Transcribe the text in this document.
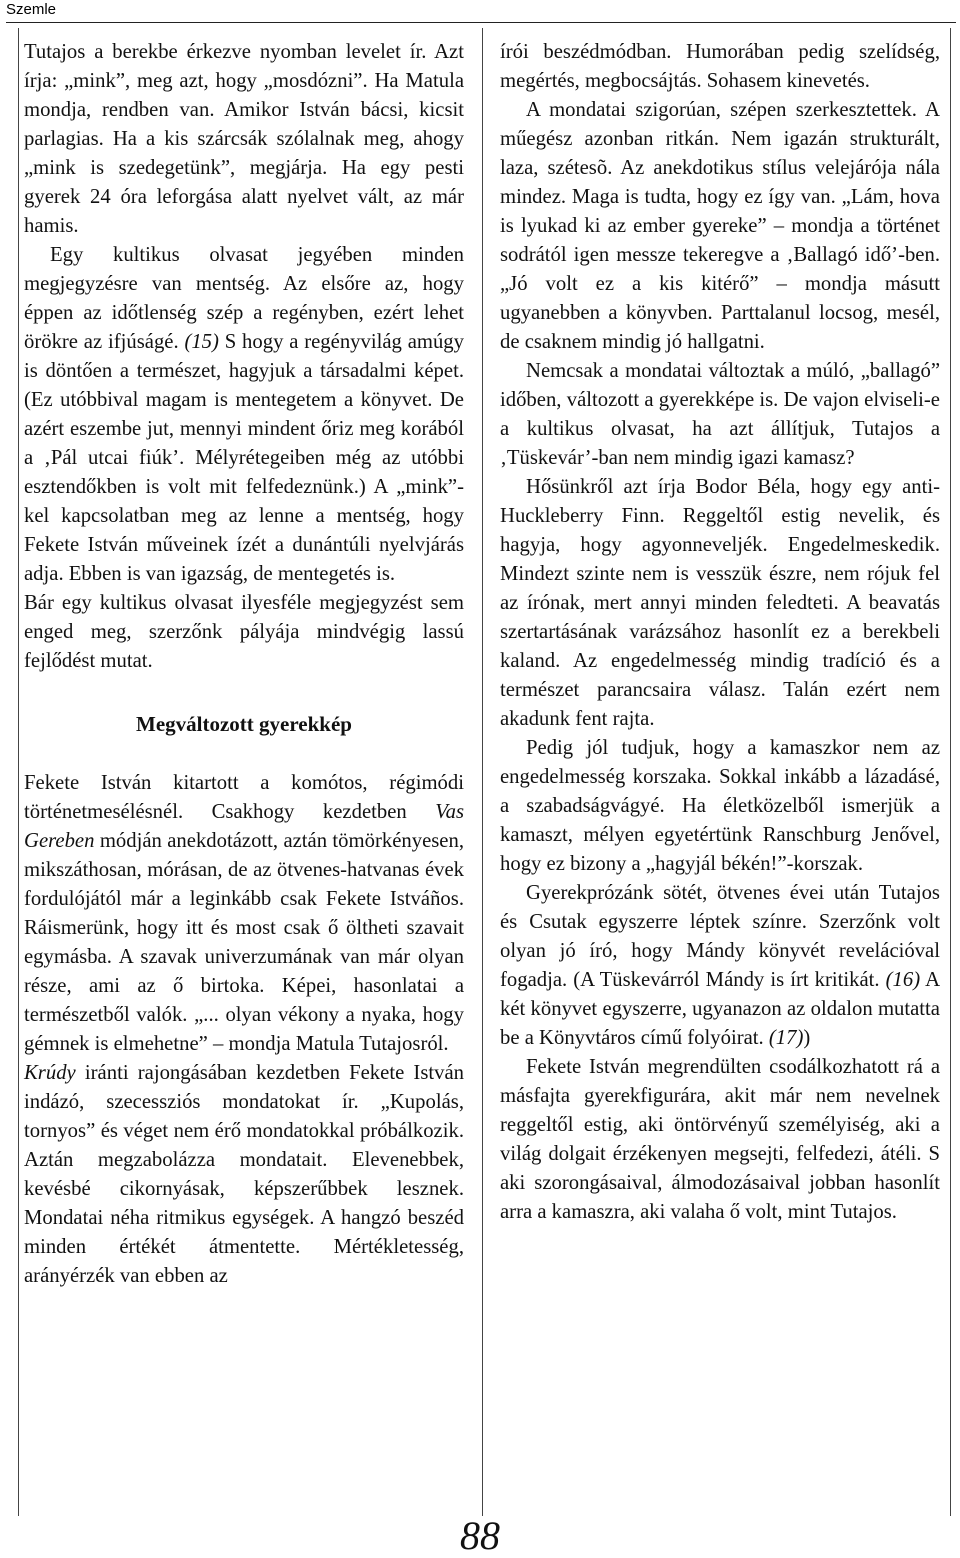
Szemle

Tutajos a berekbe érkezve nyomban levelet ír. Azt írja: „mink”, meg azt, hogy „mosdózni”. Ha Matula mondja, rendben van. Amikor István bácsi, kicsit parlagias. Ha a kis szárcsák szólalnak meg, ahogy „mink is szedegetünk”, megjárja. Ha egy pesti gyerek 24 óra leforgása alatt nyelvet vált, az már hamis.

Egy kultikus olvasat jegyében minden megjegyzésre van mentség. Az elsőre az, hogy éppen az időtlenség szép a regényben, ezért lehet örökre az ifjúságé. (15) S hogy a regényvilág amúgy is döntően a természet, hagyjuk a társadalmi képet. (Ez utóbbival magam is mentegetem a könyvet. De azért eszembe jut, mennyi mindent őriz meg korából a ‚Pál utcai fiúk’. Mélyrétegeiben még az utóbbi esztendőkben is volt mit felfedeznünk.) A „mink”-kel kapcsolatban meg az lenne a mentség, hogy Fekete István műveinek ízét a dunántúli nyelvjárás adja. Ebben is van igazság, de mentegetés is.

Bár egy kultikus olvasat ilyesféle megjegyzést sem enged meg, szerzőnk pályája mindvégig lassú fejlődést mutat.

Megváltozott gyerekkép

Fekete István kitartott a komótos, régimódi történetmesélésnél. Csakhogy kezdetben Vas Gereben módján anekdotázott, aztán tömörkényesen, mikszáthosan, mórásan, de az ötvenes-hatvanas évek fordulójától már a leginkább csak Fekete Istváños. Ráismerünk, hogy itt és most csak ő öltheti szavait egymásba. A szavak univerzumának van már olyan része, ami az ő birtoka. Képei, hasonlatai a természetből valók. „... olyan vékony a nyaka, hogy gémnek is elmehetne” – mondja Matula Tutajosról.

Krúdy iránti rajongásában kezdetben Fekete István indázó, szecessziós mondatokat ír. „Kupolás, tornyos” és véget nem érő mondatokkal próbálkozik. Aztán megzabolázza mondatait. Elevenebbek, kevésbé cikornyásak, képszerűbbek lesznek. Mondatai néha ritmikus egységek. A hangzó beszéd minden értékét átmentette. Mértékletesség, arányérzék van ebben az

írói beszédmódban. Humorában pedig szelídség, megértés, megbocsájtás. Sohasem kinevetés.

A mondatai szigorúan, szépen szerkesztettek. A műegész azonban ritkán. Nem igazán strukturált, laza, szétesõ. Az anekdotikus stílus velejárója nála mindez. Maga is tudta, hogy ez így van. „Lám, hova is lyukad ki az ember gyereke” – mondja a történet sodrától igen messze tekeregve a ‚Ballagó idő’-ben. „Jó volt ez a kis kitérő” – mondja másutt ugyanebben a könyvben. Parttalanul locsog, mesél, de csaknem mindig jó hallgatni.

Nemcsak a mondatai változtak a múló, „ballagó” időben, változott a gyerekképe is. De vajon elviseli-e a kultikus olvasat, ha azt állítjuk, Tutajos a ‚Tüskevár’-ban nem mindig igazi kamasz?

Hősünkről azt írja Bodor Béla, hogy egy anti-Huckleberry Finn. Reggeltől estig nevelik, és hagyja, hogy agyonneveljék. Engedelmeskedik. Mindezt szinte nem is vesszük észre, nem rójuk fel az írónak, mert annyi minden feledteti. A beavatás szertartásának varázsához hasonlít ez a berekbeli kaland. Az engedelmesség mindig tradíció és a természet parancsaira válasz. Talán ezért nem akadunk fent rajta.

Pedig jól tudjuk, hogy a kamaszkor nem az engedelmesség korszaka. Sokkal inkább a lázadásé, a szabadságvágyé. Ha életközelből ismerjük a kamaszt, mélyen egyetértünk Ranschburg Jenővel, hogy ez bizony a „hagyjál békén!”-korszak.

Gyerekprózánk sötét, ötvenes évei után Tutajos és Csutak egyszerre léptek színre. Szerzőnk volt olyan jó író, hogy Mándy könyvét revelációval fogadja. (A Tüskevárról Mándy is írt kritikát. (16) A két könyvet egyszerre, ugyanazon az oldalon mutatta be a Könyvtáros című folyóirat. (17))

Fekete István megrendülten csodálkozhatott rá a másfajta gyerekfigurára, akit már nem nevelnek reggeltől estig, aki öntörvényű személyiség, aki a világ dolgait érzékenyen megsejti, felfedezi, átéli. S aki szorongásaival, álmodozásaival jobban hasonlít arra a kamaszra, aki valaha ő volt, mint Tutajos.

88
